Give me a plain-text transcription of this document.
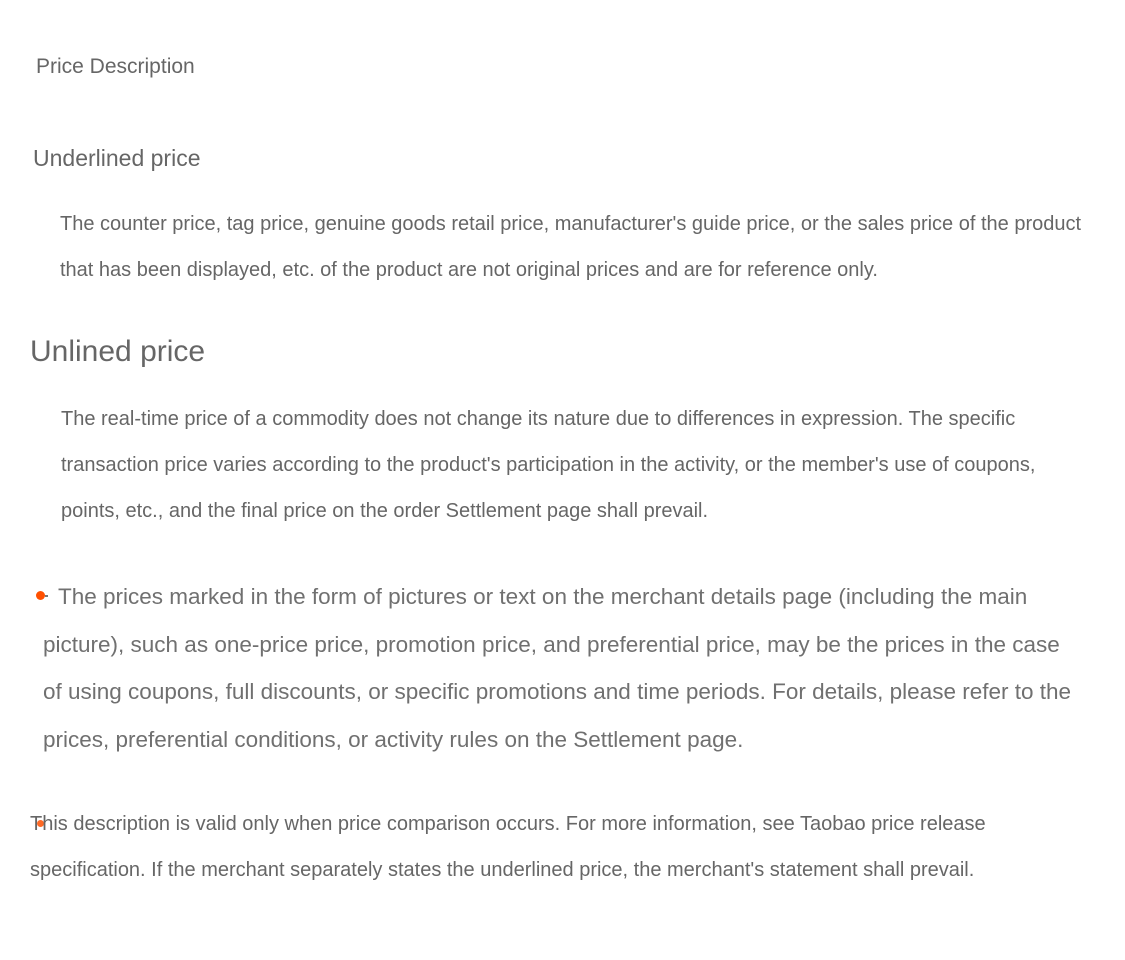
Price Description
Underlined price

The counter price, tag price, genuine goods retail price, manufacturer's guide price, or the sales price of the product that has been displayed, etc. of the product are not original prices and are for reference only.

Unlined price

The real-time price of a commodity does not change its nature due to differences in expression. The specific transaction price varies according to the product's participation in the activity, or the member's use of coupons, points, etc., and the final price on the order Settlement page shall prevail.

The prices marked in the form of pictures or text on the merchant details page (including the main picture), such as one-price price, promotion price, and preferential price, may be the prices in the case of using coupons, full discounts, or specific promotions and time periods. For details, please refer to the prices, preferential conditions, or activity rules on the Settlement page.

This description is valid only when price comparison occurs. For more information, see Taobao price release specification. If the merchant separately states the underlined price, the merchant's statement shall prevail.
